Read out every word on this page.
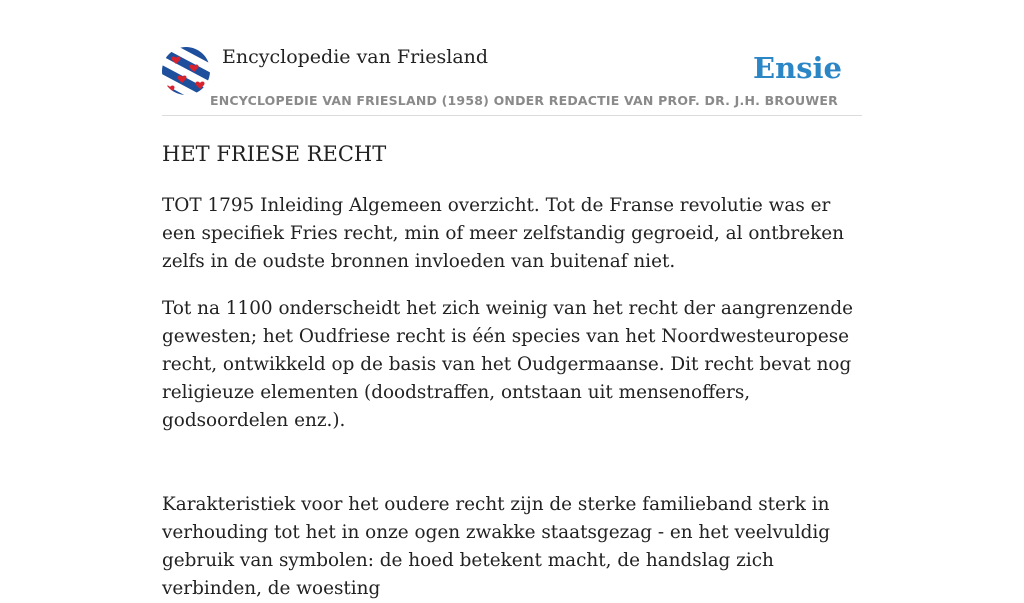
Encyclopedie van Friesland	Ensie
ENCYCLOPEDIE VAN FRIESLAND (1958) ONDER REDACTIE VAN PROF. DR. J.H. BROUWER
HET FRIESE RECHT

TOT 1795 Inleiding Algemeen overzicht. Tot de Franse revolutie was er een specifiek Fries recht, min of meer zelfstandig gegroeid, al ontbreken zelfs in de oudste bronnen invloeden van buitenaf niet.

Tot na 1100 onderscheidt het zich weinig van het recht der aangrenzende gewesten; het Oudfriese recht is één species van het Noordwesteuropese recht, ontwikkeld op de basis van het Oudgermaanse. Dit recht bevat nog religieuze elementen (doodstraffen, ontstaan uit mensenoffers, godsoordelen enz.).

Karakteristiek voor het oudere recht zijn de sterke familieband sterk in verhouding tot het in onze ogen zwakke staatsgezag - en het veelvuldig gebruik van symbolen: de hoed betekent macht, de handslag zich verbinden, de woesting
